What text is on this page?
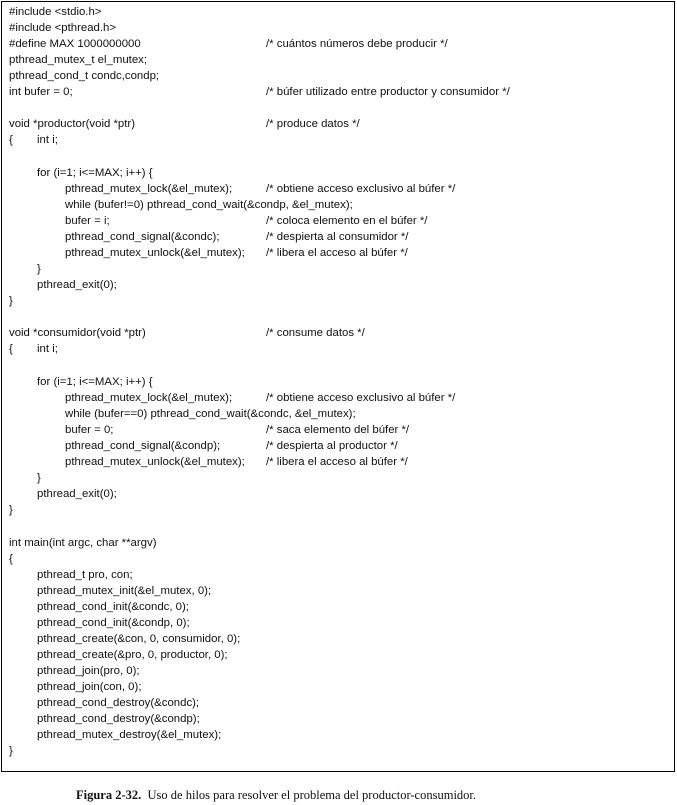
#include <stdio.h>
#include <pthread.h>
#define MAX 1000000000	/* cuántos números debe producir */
pthread_mutex_t el_mutex;
pthread_cond_t condc,condp;
int bufer = 0;	/* búfer utilizado entre productor y consumidor */
void *productor(void *ptr)	/* produce datos */
{ int i;
for (i=1; i<=MAX; i++) {
pthread_mutex_lock(&el_mutex);	/* obtiene acceso exclusivo al búfer */
while (bufer!=0) pthread_cond_wait(&condp, &el_mutex);
bufer = i;	/* coloca elemento en el búfer */
pthread_cond_signal(&condc);	/* despierta al consumidor */
pthread_mutex_unlock(&el_mutex); /* libera el acceso al búfer */
}
pthread_exit(0);
}
void *consumidor(void *ptr)	/* consume datos */
{ int i;
for (i=1; i<=MAX; i++) {
pthread_mutex_lock(&el_mutex);	/* obtiene acceso exclusivo al búfer */
while (bufer==0) pthread_cond_wait(&condc, &el_mutex);
bufer = 0;	/* saca elemento del búfer */
pthread_cond_signal(&condp);	/* despierta al productor */
pthread_mutex_unlock(&el_mutex); /* libera el acceso al búfer */
}
pthread_exit(0);
}
int main(int argc, char **argv)
{
pthread_t pro, con;
pthread_mutex_init(&el_mutex, 0);
pthread_cond_init(&condc, 0);
pthread_cond_init(&condp, 0);
pthread_create(&con, 0, consumidor, 0);
pthread_create(&pro, 0, productor, 0);
pthread_join(pro, 0);
pthread_join(con, 0);
pthread_cond_destroy(&condc);
pthread_cond_destroy(&condp);
pthread_mutex_destroy(&el_mutex);
}
Figura 2-32. Uso de hilos para resolver el problema del productor-consumidor.
